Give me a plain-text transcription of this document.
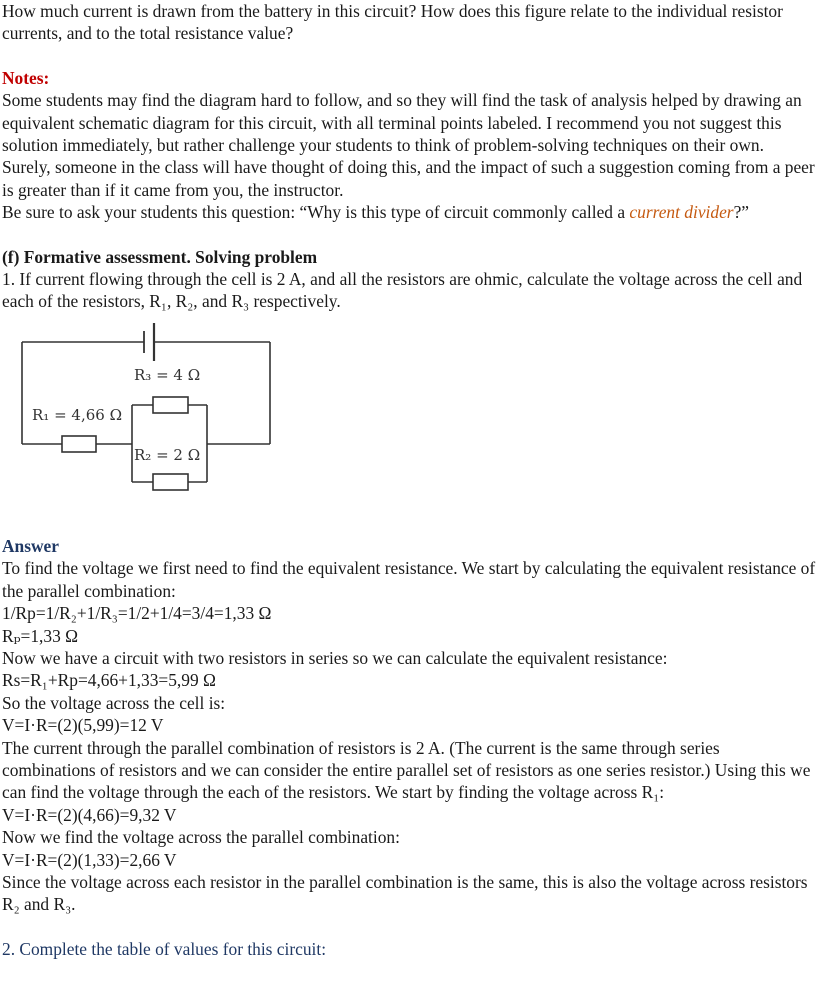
How much current is drawn from the battery in this circuit? How does this figure relate to the individual resistor currents, and to the total resistance value?

Notes:

Some students may find the diagram hard to follow, and so they will find the task of analysis helped by drawing an equivalent schematic diagram for this circuit, with all terminal points labeled. I recommend you not suggest this solution immediately, but rather challenge your students to think of problem-solving techniques on their own. Surely, someone in the class will have thought of doing this, and the impact of such a suggestion coming from a peer is greater than if it came from you, the instructor.

Be sure to ask your students this question: “Why is this type of circuit commonly called a current divider?”

(f) Formative assessment. Solving problem

1. If current flowing through the cell is 2 A, and all the resistors are ohmic, calculate the voltage across the cell and each of the resistors, R₁, R₂, and R₃ respectively.

R₃ = 4 Ω
R₁ = 4,66 Ω
R₂ = 2 Ω

Answer

To find the voltage we first need to find the equivalent resistance. We start by calculating the equivalent resistance of the parallel combination:

1/Rp=1/R₂+1/R₃=1/2+1/4=3/4=1,33 Ω

Rₚ=1,33 Ω

Now we have a circuit with two resistors in series so we can calculate the equivalent resistance:

Rs=R₁+Rp=4,66+1,33=5,99 Ω

So the voltage across the cell is:

V=I·R=(2)(5,99)=12 V

The current through the parallel combination of resistors is 2 A. (The current is the same through series combinations of resistors and we can consider the entire parallel set of resistors as one series resistor.) Using this we can find the voltage through the each of the resistors. We start by finding the voltage across R₁:

V=I·R=(2)(4,66)=9,32 V

Now we find the voltage across the parallel combination:

V=I·R=(2)(1,33)=2,66 V

Since the voltage across each resistor in the parallel combination is the same, this is also the voltage across resistors R₂ and R₃.

2. Complete the table of values for this circuit:
